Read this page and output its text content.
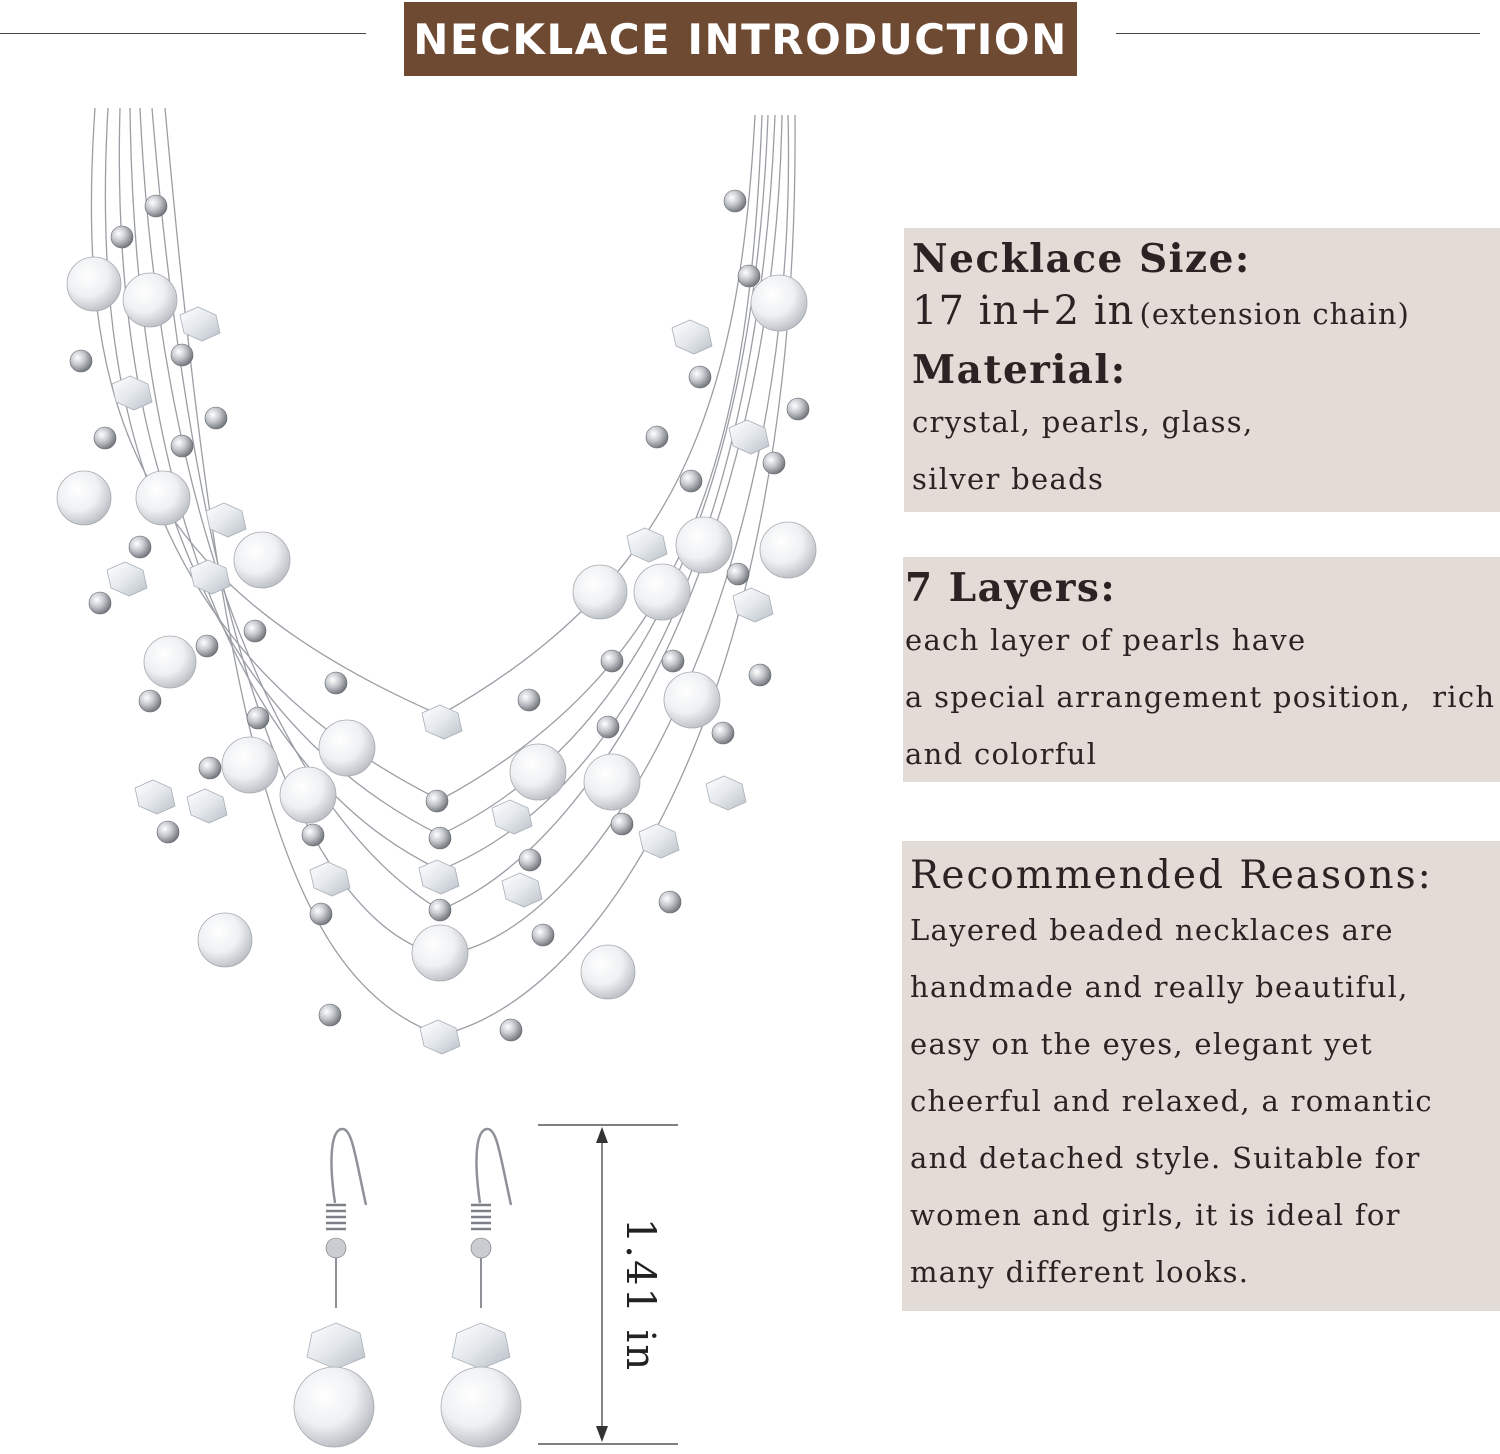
NECKLACE INTRODUCTION
1.41 in
Necklace Size:
17 in+2 in (extension chain)
Material:
crystal, pearls, glass,
silver beads
7 Layers:
each layer of pearls have
a special arrangement position,  rich
and colorful
Recommended Reasons:
Layered beaded necklaces are
handmade and really beautiful,
easy on the eyes, elegant yet
cheerful and relaxed, a romantic
and detached style. Suitable for
women and girls, it is ideal for
many different looks.
